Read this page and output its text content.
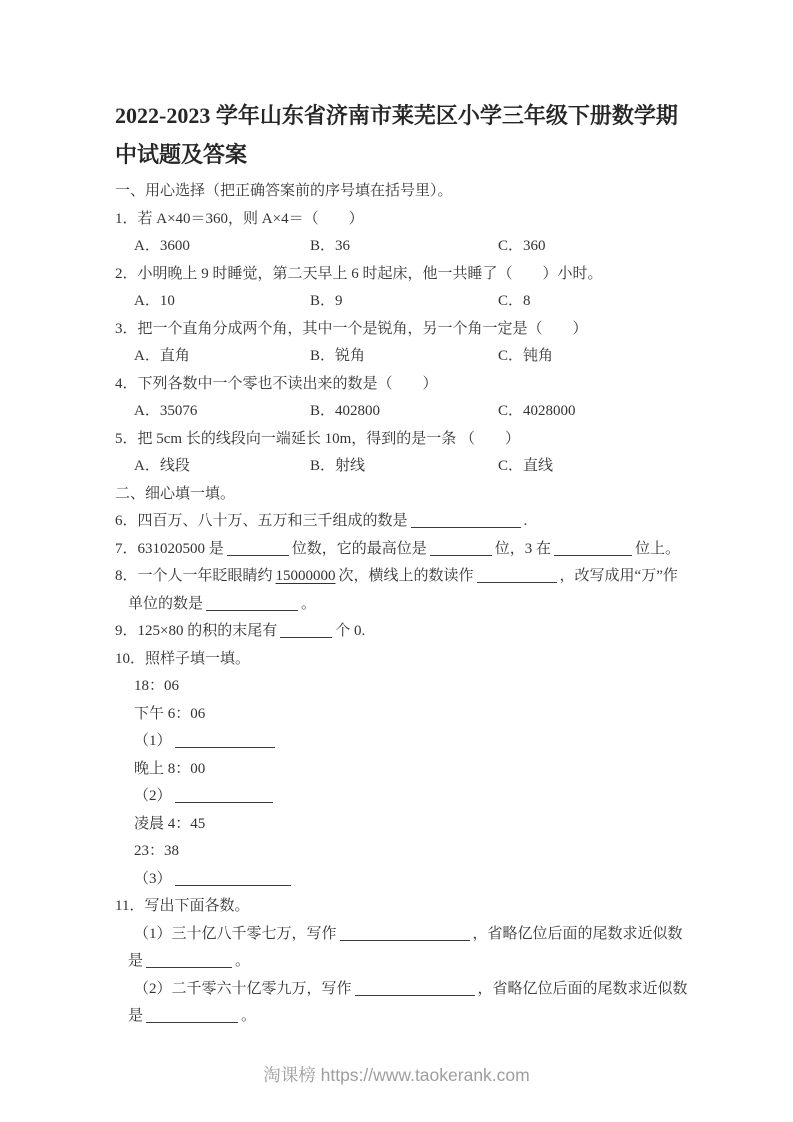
2022-2023 学年山东省济南市莱芜区小学三年级下册数学期中试题及答案
一、用心选择（把正确答案前的序号填在括号里）。
1．若 A×40＝360，则 A×4＝（　　）
A．3600	B．36	C．360
2．小明晚上 9 时睡觉，第二天早上 6 时起床，他一共睡了（　　）小时。
A．10	B．9	C．8
3．把一个直角分成两个角，其中一个是锐角，另一个角一定是（　　）
A．直角	B．锐角	C．钝角
4．下列各数中一个零也不读出来的数是（　　）
A．35076	B．402800	C．4028000
5．把 5cm 长的线段向一端延长 10m，得到的是一条 （　　）
A．线段	B．射线	C．直线
二、细心填一填。
6．四百万、八十万、五万和三千组成的数是	.
7．631020500 是	位数，它的最高位是	位，3 在	位上。
8．一个人一年眨眼睛约 15000000 次，横线上的数读作	，改写成用“万”作
单位的数是	。
9．125×80 的积的末尾有	个 0.
10．照样子填一填。
18：06
下午 6：06
（1）
晚上 8：00
（2）
凌晨 4：45
23：38
（3）
11．写出下面各数。
（1）三十亿八千零七万，写作	，省略亿位后面的尾数求近似数
是	。
（2）二千零六十亿零九万，写作	，省略亿位后面的尾数求近似数
是	。
淘课榜 https://www.taokerank.com
